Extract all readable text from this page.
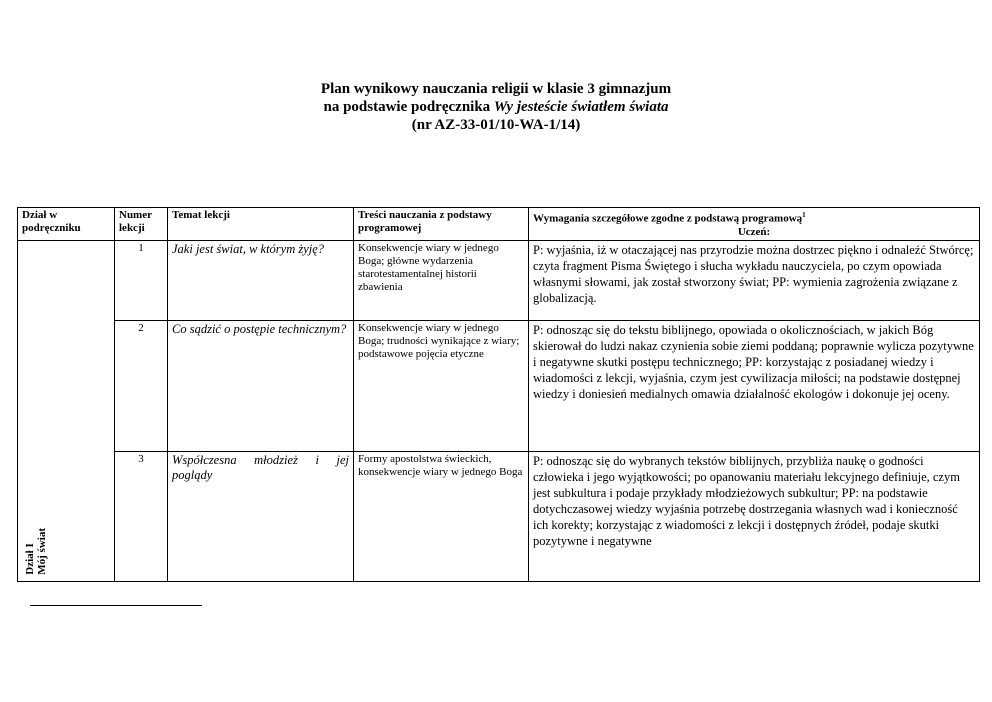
Plan wynikowy nauczania religii w klasie 3 gimnazjum
na podstawie podręcznika Wy jesteście światłem świata
(nr AZ-33-01/10-WA-1/14)
Dział w podręczniku	Numer lekcji	Temat lekcji	Treści nauczania z podstawy programowej	Wymagania szczegółowe zgodne z podstawą programową$^1$
Uczeń:

Dział I Mój świat	1	Jaki jest świat, w którym żyję?	Konsekwencje wiary w jednego Boga; główne wydarzenia starotestamentalnej historii zbawienia	P: wyjaśnia, iż w otaczającej nas przyrodzie można dostrzec piękno i odnaleźć Stwórcę; czyta fragment Pisma Świętego i słucha wykładu nauczyciela, po czym opowiada własnymi słowami, jak został stworzony świat; PP: wymienia zagrożenia związane z globalizacją.
	2	Co sądzić o postępie technicznym?	Konsekwencje wiary w jednego Boga; trudności wynikające z wiary; podstawowe pojęcia etyczne	P: odnosząc się do tekstu biblijnego, opowiada o okolicznościach, w jakich Bóg skierował do ludzi nakaz czynienia sobie ziemi poddaną; poprawnie wylicza pozytywne i negatywne skutki postępu technicznego; PP: korzystając z posiadanej wiedzy i wiadomości z lekcji, wyjaśnia, czym jest cywilizacja miłości; na podstawie dostępnej wiedzy i doniesień medialnych omawia działalność ekologów i dokonuje jej oceny.
	3	Współczesna młodzież i jej poglądy	Formy apostolstwa świeckich, konsekwencje wiary w jednego Boga	P: odnosząc się do wybranych tekstów biblijnych, przybliża naukę o godności człowieka i jego wyjątkowości; po opanowaniu materiału lekcyjnego definiuje, czym jest subkultura i podaje przykłady młodzieżowych subkultur; PP: na podstawie dotychczasowej wiedzy wyjaśnia potrzebę dostrzegania własnych wad i konieczność ich korekty; korzystając z wiadomości z lekcji i dostępnych źródeł, podaje skutki pozytywne i negatywne
